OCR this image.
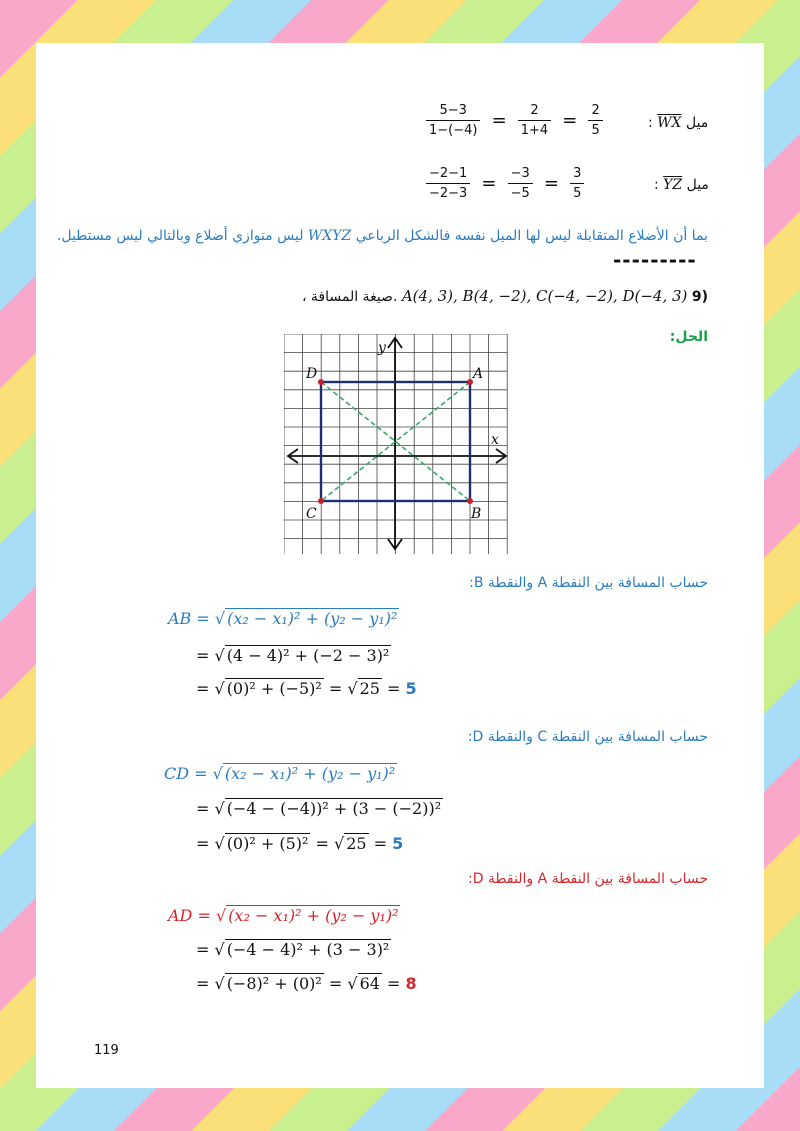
$\frac{5-3}{1-(-4)} = \frac{2}{1+4} = \frac{2}{5}$	: $\overline{WX}$ ميل
$\frac{-2-1}{-2-3} = \frac{-3}{-5} = \frac{3}{5}$	: $\overline{YZ}$ ميل
بما أن الأضلاع المتقابلة ليس لها الميل نفسه فالشكل الرباعي WXYZ ليس متوازي أضلاع وبالتالي ليس مستطيل.
---------
، صيغة المسافة. A(4, 3), B(4, −2), C(−4, −2), D(−4, 3) 9)
الحل:
A
B
C
D
x
y
حساب المسافة بين النقطة A والنقطة B:
AB = √ (x₂ − x₁)² + (y₂ − y₁)²
= √ (4 − 4)² + (−2 − 3)²
= √ (0)² + (−5)² = √ 25 = 5
حساب المسافة بين النقطة C والنقطة D:
CD = √ (x₂ − x₁)² + (y₂ − y₁)²
= √ (−4 − (−4))² + (3 − (−2))²
= √ (0)² + (5)² = √ 25 = 5
حساب المسافة بين النقطة A والنقطة D:
AD = √ (x₂ − x₁)² + (y₂ − y₁)²
= √ (−4 − 4)² + (3 − 3)²
= √ (−8)² + (0)² = √ 64 = 8
119
